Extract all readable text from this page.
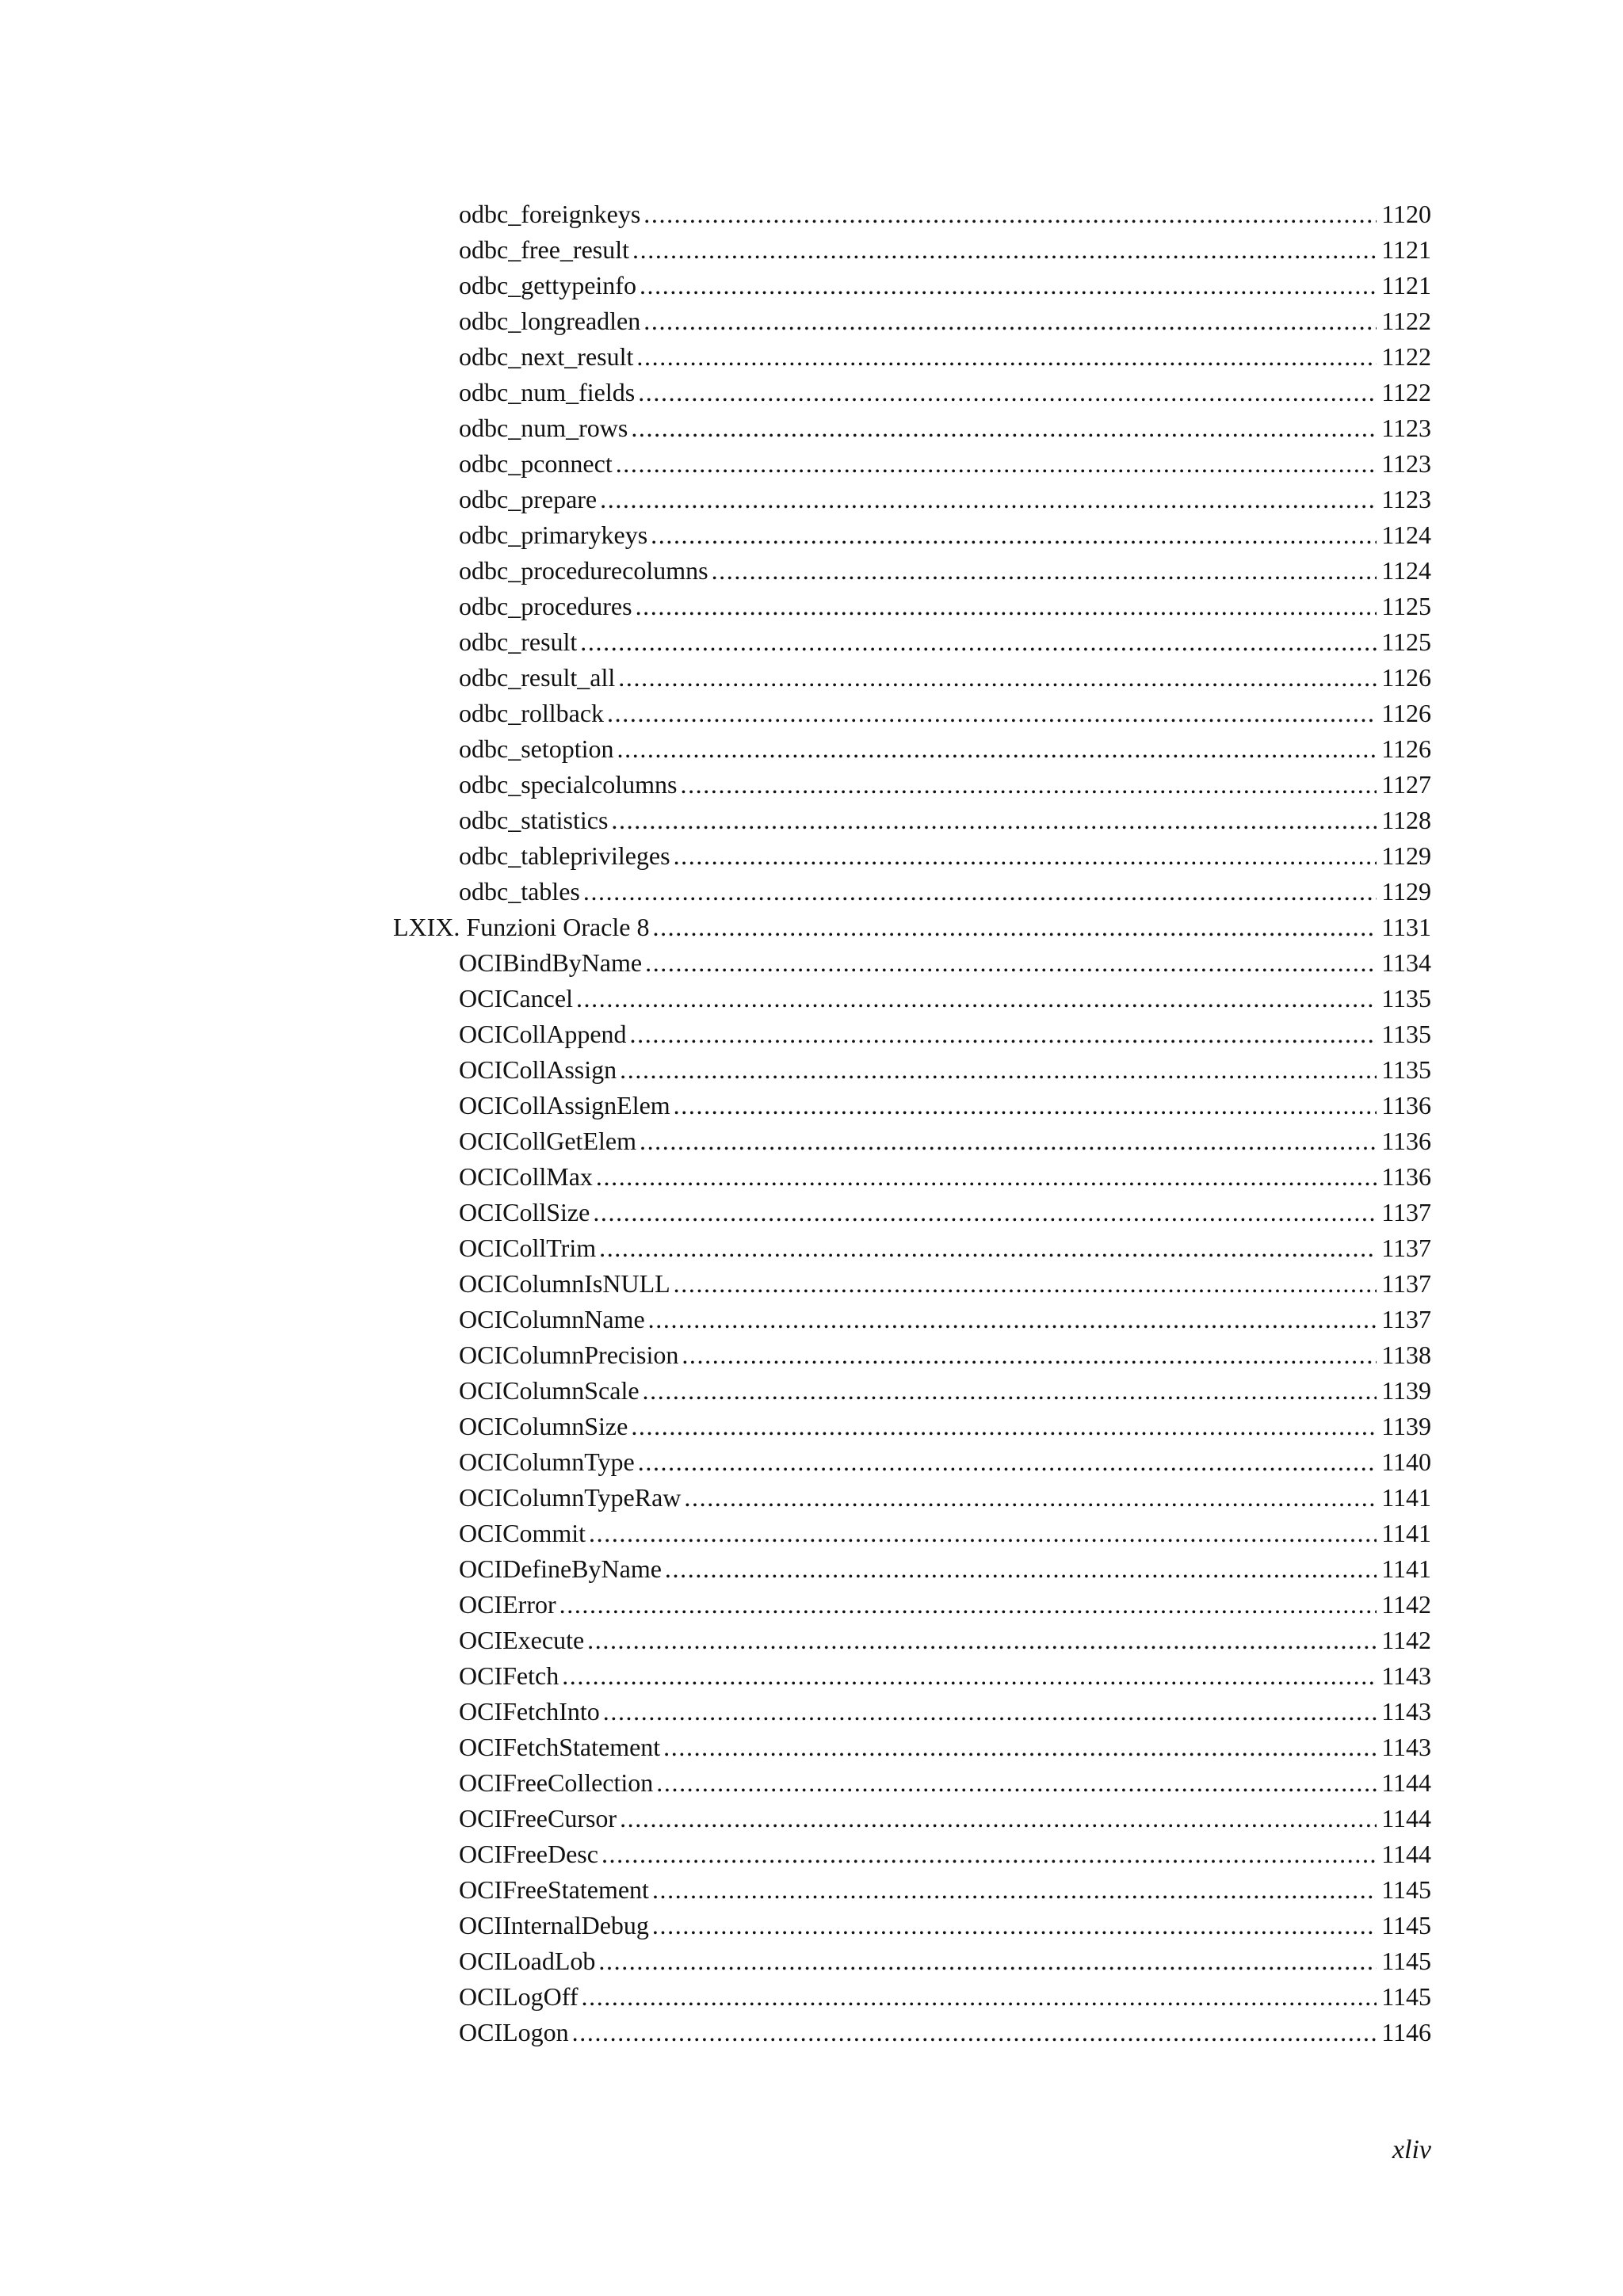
odbc_foreignkeys . . .	1120
odbc_free_result . . .	1121
odbc_gettypeinfo . . .	1121
odbc_longreadlen . . .	1122
odbc_next_result . . .	1122
odbc_num_fields . . .	1122
odbc_num_rows . . .	1123
odbc_pconnect . . .	1123
odbc_prepare . . .	1123
odbc_primarykeys . . .	1124
odbc_procedurecolumns . . .	1124
odbc_procedures . . .	1125
odbc_result . . .	1125
odbc_result_all . . .	1126
odbc_rollback . . .	1126
odbc_setoption . . .	1126
odbc_specialcolumns . . .	1127
odbc_statistics . . .	1128
odbc_tableprivileges . . .	1129
odbc_tables . . .	1129
LXIX. Funzioni Oracle 8 . . .	1131
OCIBindByName . . .	1134
OCICancel . . .	1135
OCICollAppend . . .	1135
OCICollAssign . . .	1135
OCICollAssignElem . . .	1136
OCICollGetElem . . .	1136
OCICollMax . . .	1136
OCICollSize . . .	1137
OCICollTrim . . .	1137
OCIColumnIsNULL . . .	1137
OCIColumnName . . .	1137
OCIColumnPrecision . . .	1138
OCIColumnScale . . .	1139
OCIColumnSize . . .	1139
OCIColumnType . . .	1140
OCIColumnTypeRaw . . .	1141
OCICommit . . .	1141
OCIDefineByName . . .	1141
OCIError . . .	1142
OCIExecute . . .	1142
OCIFetch . . .	1143
OCIFetchInto . . .	1143
OCIFetchStatement . . .	1143
OCIFreeCollection . . .	1144
OCIFreeCursor . . .	1144
OCIFreeDesc . . .	1144
OCIFreeStatement . . .	1145
OCIInternalDebug . . .	1145
OCILoadLob . . .	1145
OCILogOff . . .	1145
OCILogon . . .	1146
xliv
